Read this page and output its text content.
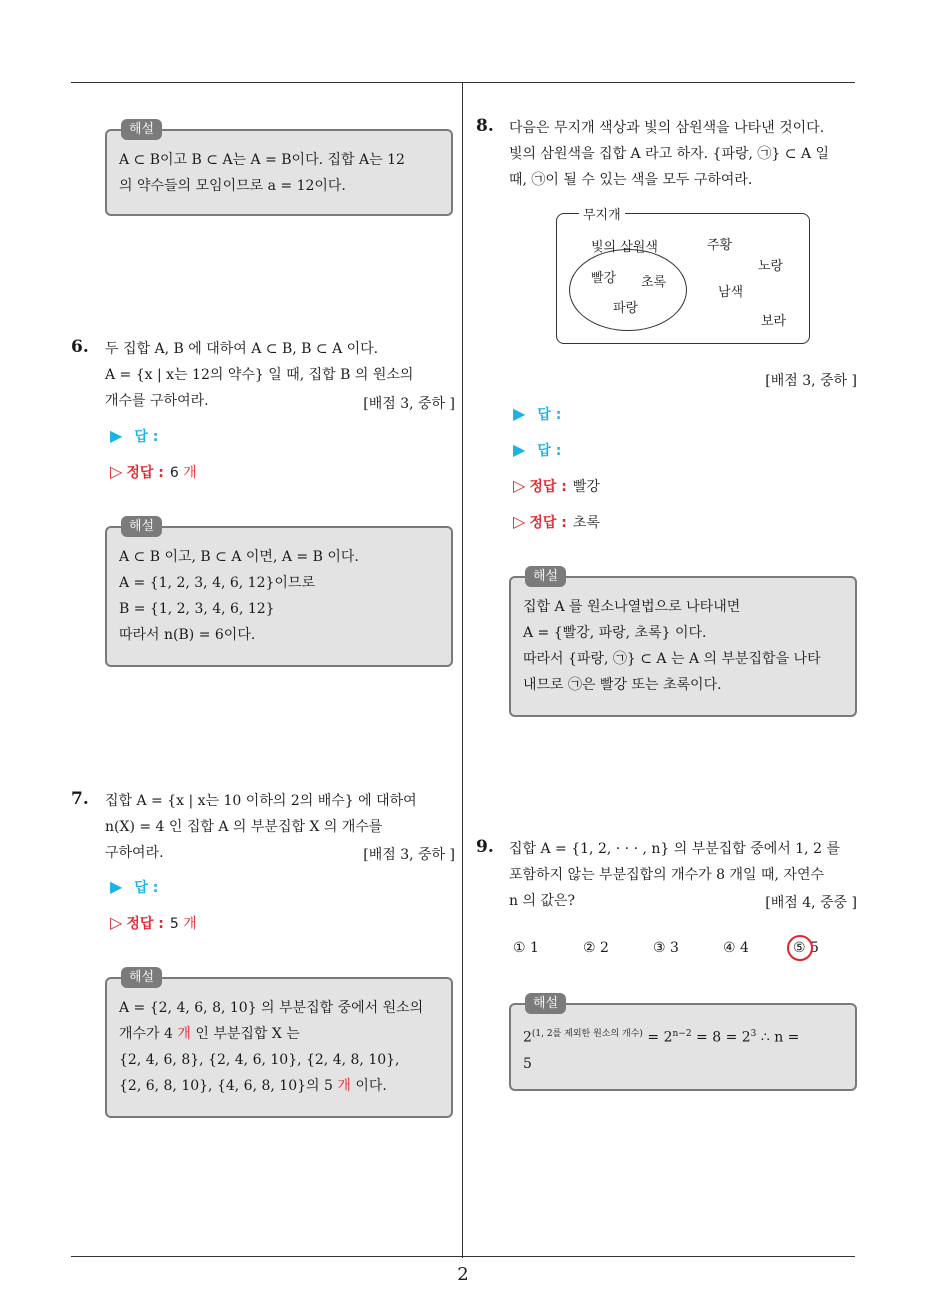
2
해설

A ⊂ B이고 B ⊂ A는 A = B이다. 집합 A는 12

의 약수들의 모임이므로 a = 12이다.

6. 두 집합 A, B 에 대하여 A ⊂ B, B ⊂ A 이다.
A = {x | x는 12의 약수} 일 때, 집합 B 의 원소의
개수를 구하여라.	[배점 3, 중하 ]
▶ 답 :
▷ 정답 : 6 개
해설

A ⊂ B 이고, B ⊂ A 이면, A = B 이다.

A = {1, 2, 3, 4, 6, 12}이므로

B = {1, 2, 3, 4, 6, 12}

따라서 n(B) = 6이다.

7. 집합 A = {x | x는 10 이하의 2의 배수} 에 대하여
n(X) = 4 인 집합 A 의 부분집합 X 의 개수를
구하여라.	[배점 3, 중하 ]
▶ 답 :
▷ 정답 : 5 개
해설

A = {2, 4, 6, 8, 10} 의 부분집합 중에서 원소의

개수가 4 개 인 부분집합 X 는

{2, 4, 6, 8}, {2, 4, 6, 10}, {2, 4, 8, 10},

{2, 6, 8, 10}, {4, 6, 8, 10}의 5 개 이다.

8. 다음은 무지개 색상과 빛의 삼원색을 나타낸 것이다.
빛의 삼원색을 집합 A 라고 하자. {파랑, ㉠} ⊂ A 일
때, ㉠이 될 수 있는 색을 모두 구하여라.
무지개
빛의 삼원색
빨강 초록
파랑
주황
노랑
남색
보라
[배점 3, 중하 ]
▶ 답 :
▶ 답 :
▷ 정답 : 빨강
▷ 정답 : 초록
해설

집합 A 를 원소나열법으로 나타내면

A = {빨강, 파랑, 초록} 이다.

따라서 {파랑, ㉠} ⊂ A 는 A 의 부분집합을 나타

내므로 ㉠은 빨강 또는 초록이다.

9. 집합 A = {1, 2, · · · , n} 의 부분집합 중에서 1, 2 를
포함하지 않는 부분집합의 개수가 8 개일 때, 자연수
n 의 값은?	[배점 4, 중중 ]
① 1	② 2	③ 3	④ 4	⑤ 5
해설

$2^{(1, 2를 제외한 원소의 개수)} = 2^{n-2} = 8 = 2^3$ ∴ n =

5
